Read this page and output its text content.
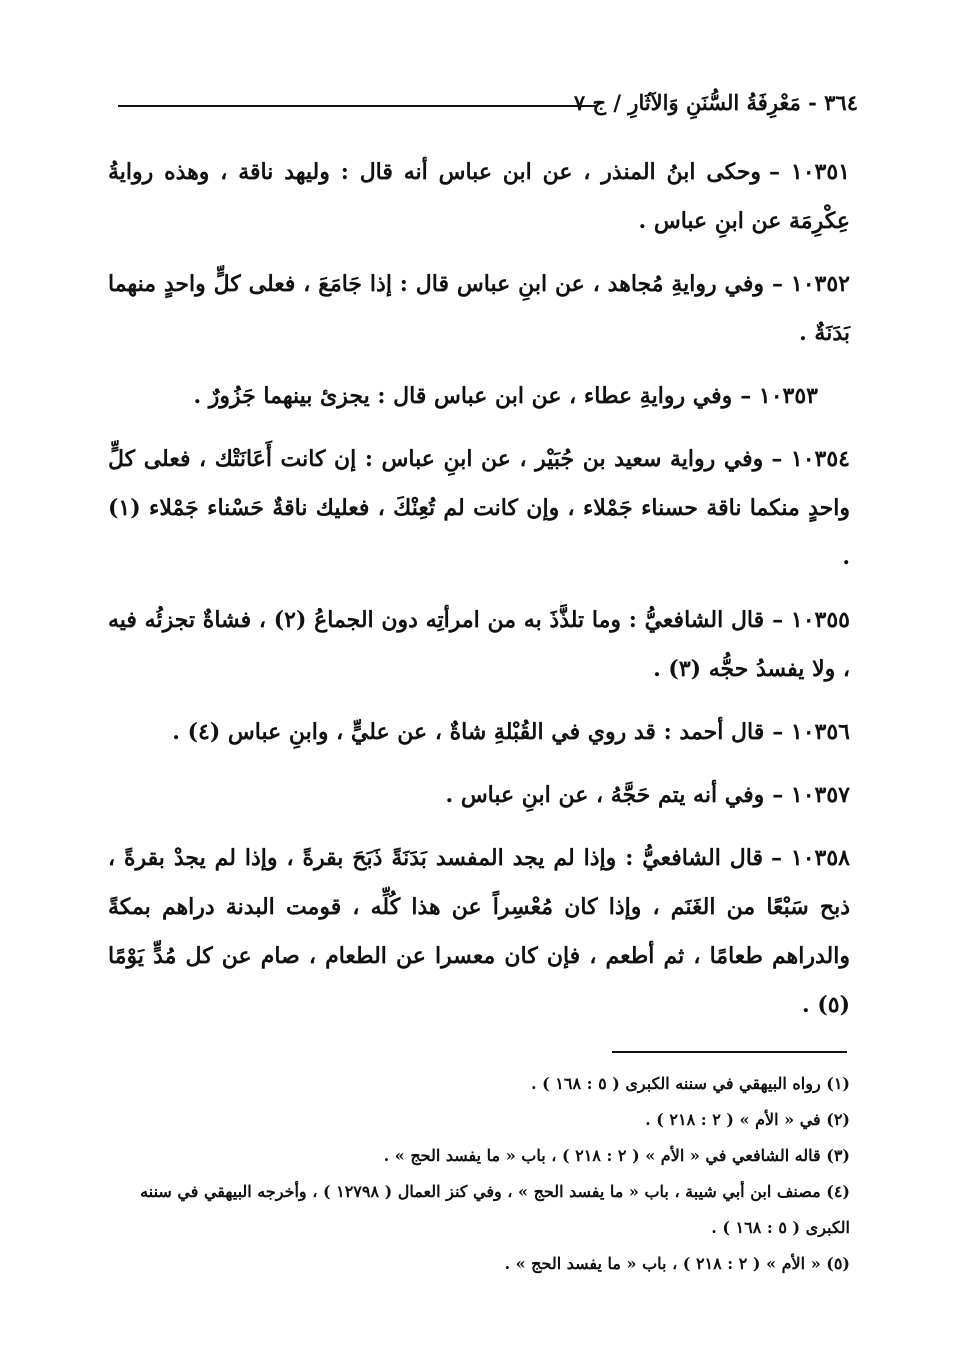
٣٦٤ - مَعْرِفَةُ السُّنَنِ وَالآثَارِ / ج ٧

١٠٣٥١ –وحكى ابنُ المنذر ، عن ابن عباس أنه قال : وليهد ناقة ، وهذه روايةُ عِكْرِمَة عن ابنِ عباس .

١٠٣٥٢ –وفي روايةِ مُجاهد ، عن ابنِ عباس قال : إذا جَامَعَ ، فعلى كلٍّ واحدٍ منهما بَدَنَةٌ .

١٠٣٥٣ –وفي روايةِ عطاء ، عن ابن عباس قال : يجزئ بينهما جَزُورٌ .

١٠٣٥٤ –وفي رواية سعيد بن جُبَيْر ، عن ابنِ عباس : إن كانت أَعَانَتْك ، فعلى كلٍّ واحدٍ منكما ناقة حسناء جَمْلاء ، وإن كانت لم تُعِنْكَ ، فعليك ناقةٌ حَسْناء جَمْلاء (١) .

١٠٣٥٥ –قال الشافعيُّ : وما تلذَّذَ به من امرأتِه دون الجماعُ (٢) ، فشاةٌ تجزئُه فيه ، ولا يفسدُ حجُّه (٣) .

١٠٣٥٦ –قال أحمد : قد روي في القُبْلةِ شاةٌ ، عن عليٍّ ، وابنِ عباس (٤) .

١٠٣٥٧ –وفي أنه يتم حَجَّهُ ، عن ابنِ عباس .

١٠٣٥٨ –قال الشافعيُّ : وإذا لم يجد المفسد بَدَنَةً ذَبَحَ بقرةً ، وإذا لم يجدْ بقرةً ، ذبح سَبْعًا من الغَنَم ، وإذا كان مُعْسِراً عن هذا كُلِّه ، قومت البدنة دراهم بمكةً والدراهم طعامًا ، ثم أطعم ، فإن كان معسرا عن الطعام ، صام عن كل مُدٍّ يَوْمًا (٥) .

(١) رواه البيهقي في سننه الكبرى ( ٥ : ١٦٨ ) .

(٢) في « الأم » ( ٢ : ٢١٨ ) .

(٣) قاله الشافعي في « الأم » ( ٢ : ٢١٨ ) ، باب « ما يفسد الحج » .

(٤) مصنف ابن أبي شيبة ، باب « ما يفسد الحج » ، وفي كنز العمال ( ١٢٧٩٨ ) ، وأخرجه البيهقي في سننه الكبرى ( ٥ : ١٦٨ ) .

(٥) « الأم » ( ٢ : ٢١٨ ) ، باب « ما يفسد الحج » .
